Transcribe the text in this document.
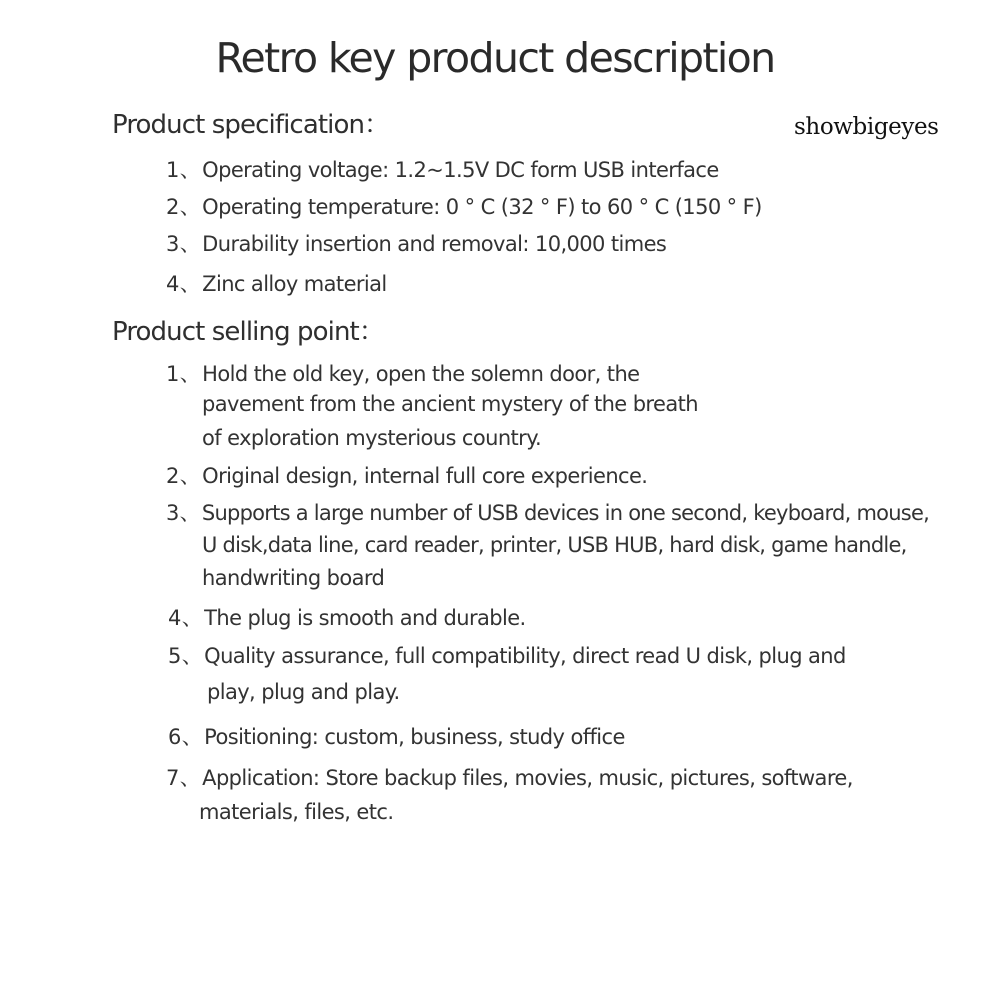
Retro key product description
Product specification：	showbigeyes
1、Operating voltage: 1.2~1.5V DC form USB interface
2、Operating temperature: 0 ° C (32 ° F) to 60 ° C (150 ° F)
3、Durability insertion and removal: 10,000 times
4、Zinc alloy material
Product selling point：
1、Hold the old key, open the solemn door, the
pavement from the ancient mystery of the breath
of exploration mysterious country.
2、Original design, internal full core experience.
3、Supports a large number of USB devices in one second, keyboard, mouse,
U disk,data line, card reader, printer, USB HUB, hard disk, game handle,
handwriting board
4、The plug is smooth and durable.
5、Quality assurance, full compatibility, direct read U disk, plug and
play, plug and play.
6、Positioning: custom, business, study office
7、Application: Store backup files, movies, music, pictures, software,
materials, files, etc.
